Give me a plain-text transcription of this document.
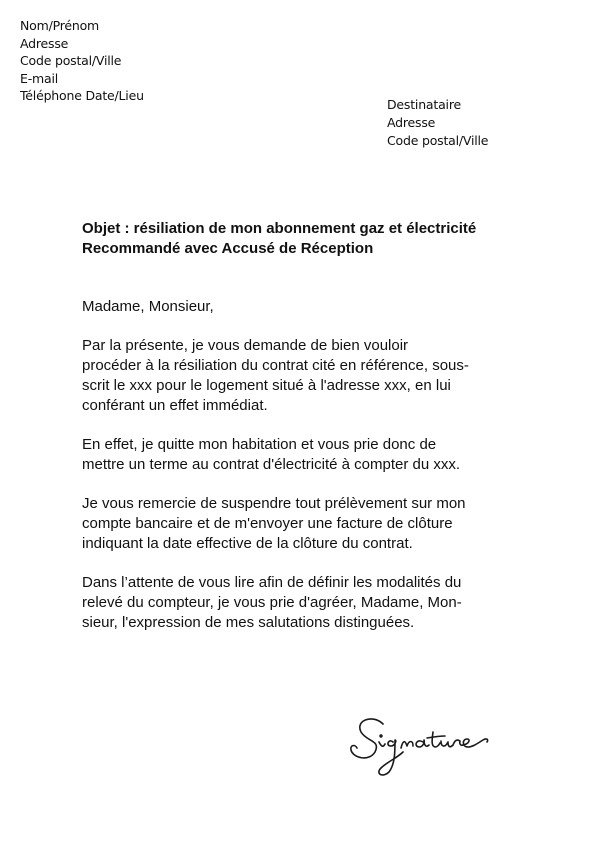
Nom/Prénom
Adresse
Code postal/Ville
E-mail
Téléphone Date/Lieu
Destinataire
Adresse
Code postal/Ville
Objet : résiliation de mon abonnement gaz et électricité
Recommandé avec Accusé de Réception
Madame, Monsieur,
Par la présente, je vous demande de bien vouloir
procéder à la résiliation du contrat cité en référence, sous-
scrit le xxx pour le logement situé à l'adresse xxx, en lui
conférant un effet immédiat.
En effet, je quitte mon habitation et vous prie donc de
mettre un terme au contrat d'électricité à compter du xxx.
Je vous remercie de suspendre tout prélèvement sur mon
compte bancaire et de m'envoyer une facture de clôture
indiquant la date effective de la clôture du contrat.
Dans l’attente de vous lire afin de définir les modalités du
relevé du compteur, je vous prie d'agréer, Madame, Mon-
sieur, l'expression de mes salutations distinguées.
